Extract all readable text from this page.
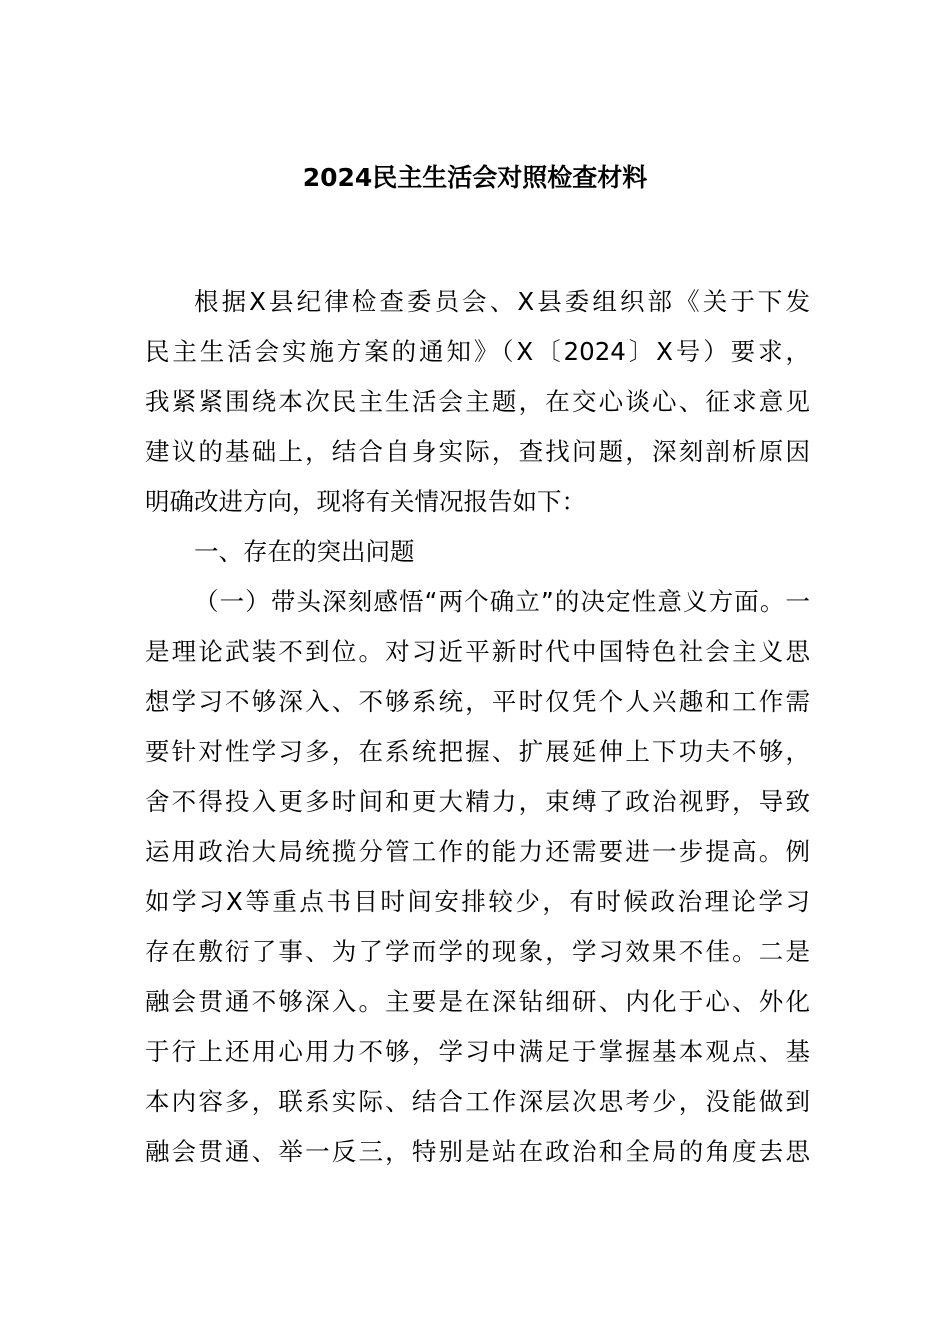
2024民主生活会对照检查材料
根据X县纪律检查委员会、X县委组织部《关于下发
民主生活会实施方案的通知》（X〔2024〕X号）要求，
我紧紧围绕本次民主生活会主题，在交心谈心、征求意见
建议的基础上，结合自身实际，查找问题，深刻剖析原因
明确改进方向，现将有关情况报告如下：
一、存在的突出问题
（一）带头深刻感悟“两个确立”的决定性意义方面。一
是理论武装不到位。对习近平新时代中国特色社会主义思
想学习不够深入、不够系统，平时仅凭个人兴趣和工作需
要针对性学习多，在系统把握、扩展延伸上下功夫不够，
舍不得投入更多时间和更大精力，束缚了政治视野，导致
运用政治大局统揽分管工作的能力还需要进一步提高。例
如学习X等重点书目时间安排较少，有时候政治理论学习
存在敷衍了事、为了学而学的现象，学习效果不佳。二是
融会贯通不够深入。主要是在深钻细研、内化于心、外化
于行上还用心用力不够，学习中满足于掌握基本观点、基
本内容多，联系实际、结合工作深层次思考少，没能做到
融会贯通、举一反三，特别是站在政治和全局的角度去思
